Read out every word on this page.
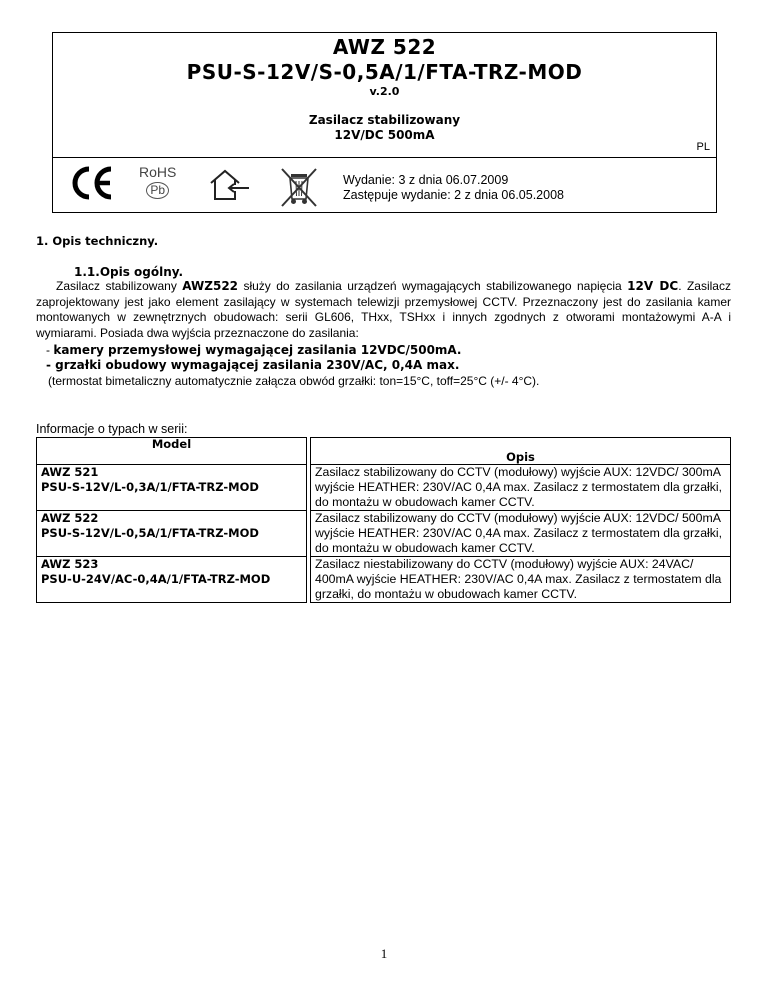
AWZ 522
PSU-S-12V/S-0,5A/1/FTA-TRZ-MOD
v.2.0
Zasilacz stabilizowany
12V/DC 500mA
PL
RoHS
Pb
Wydanie: 3 z dnia 06.07.2009
Zastępuje wydanie: 2 z dnia 06.05.2008
1. Opis techniczny.
1.1.Opis ogólny.
Zasilacz stabilizowany AWZ522 służy do zasilania urządzeń wymagających stabilizowanego napięcia 12V DC. Zasilacz zaprojektowany jest jako element zasilający w systemach telewizji przemysłowej CCTV. Przeznaczony jest do zasilania kamer montowanych w zewnętrznych obudowach: serii GL606, THxx, TSHxx i innych zgodnych z otworami montażowymi A-A i wymiarami. Posiada dwa wyjścia przeznaczone do zasilania:
- kamery przemysłowej wymagającej zasilania 12VDC/500mA.
- grzałki obudowy wymagającej zasilania 230V/AC, 0,4A max.
(termostat bimetaliczny automatycznie załącza obwód grzałki: ton=15°C, toff=25°C (+/- 4°C).
Informacje o typach w serii:
Model		Opis

AWZ 521
PSU-S-12V/L-0,3A/1/FTA-TRZ-MOD		Zasilacz stabilizowany do CCTV (modułowy) wyjście AUX: 12VDC/ 300mA wyjście HEATHER: 230V/AC 0,4A max. Zasilacz z termostatem dla grzałki, do montażu w obudowach kamer CCTV.

AWZ 522
PSU-S-12V/L-0,5A/1/FTA-TRZ-MOD		Zasilacz stabilizowany do CCTV (modułowy) wyjście AUX: 12VDC/ 500mA wyjście HEATHER: 230V/AC 0,4A max. Zasilacz z termostatem dla grzałki, do montażu w obudowach kamer CCTV.

AWZ 523
PSU-U-24V/AC-0,4A/1/FTA-TRZ-MOD		Zasilacz niestabilizowany do CCTV (modułowy) wyjście AUX: 24VAC/ 400mA wyjście HEATHER: 230V/AC 0,4A max. Zasilacz z termostatem dla grzałki, do montażu w obudowach kamer CCTV.
1
